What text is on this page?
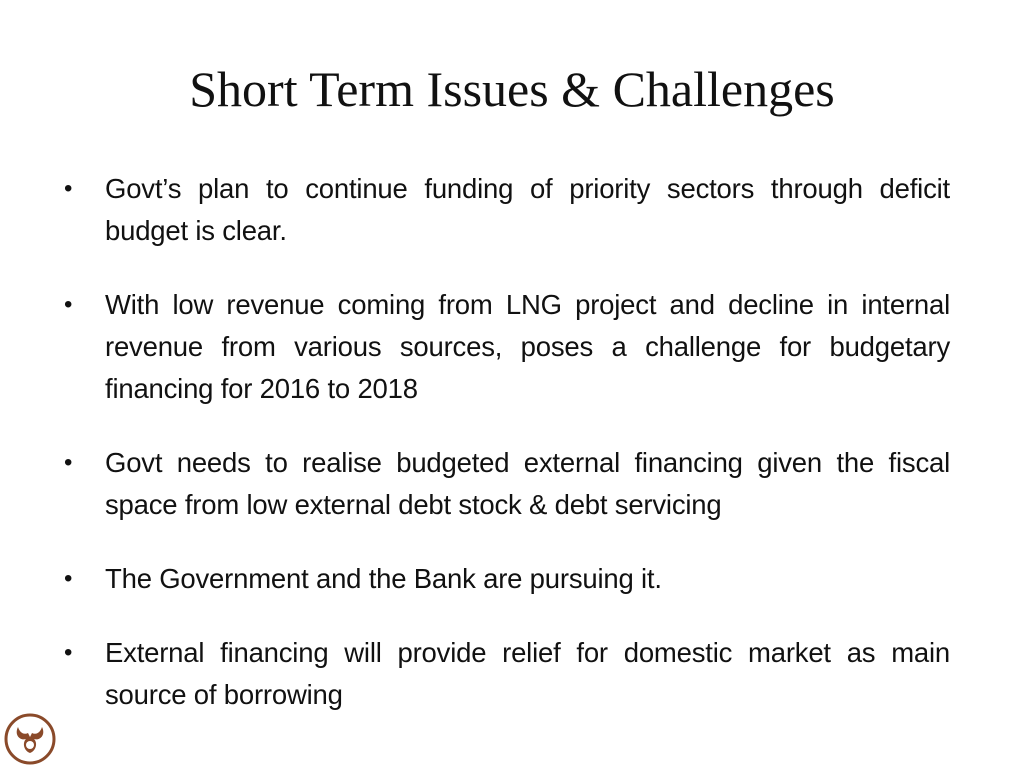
Short Term Issues & Challenges
• Govt’s plan to continue funding of priority sectors through deficit budget is clear.
• With low revenue coming from LNG project and decline in internal revenue from various sources, poses a challenge for budgetary financing for 2016 to 2018
• Govt needs to realise budgeted external financing given the fiscal space from low external debt stock & debt servicing
• The Government and the Bank are pursuing it.
• External financing will provide relief for domestic market as main source of borrowing
